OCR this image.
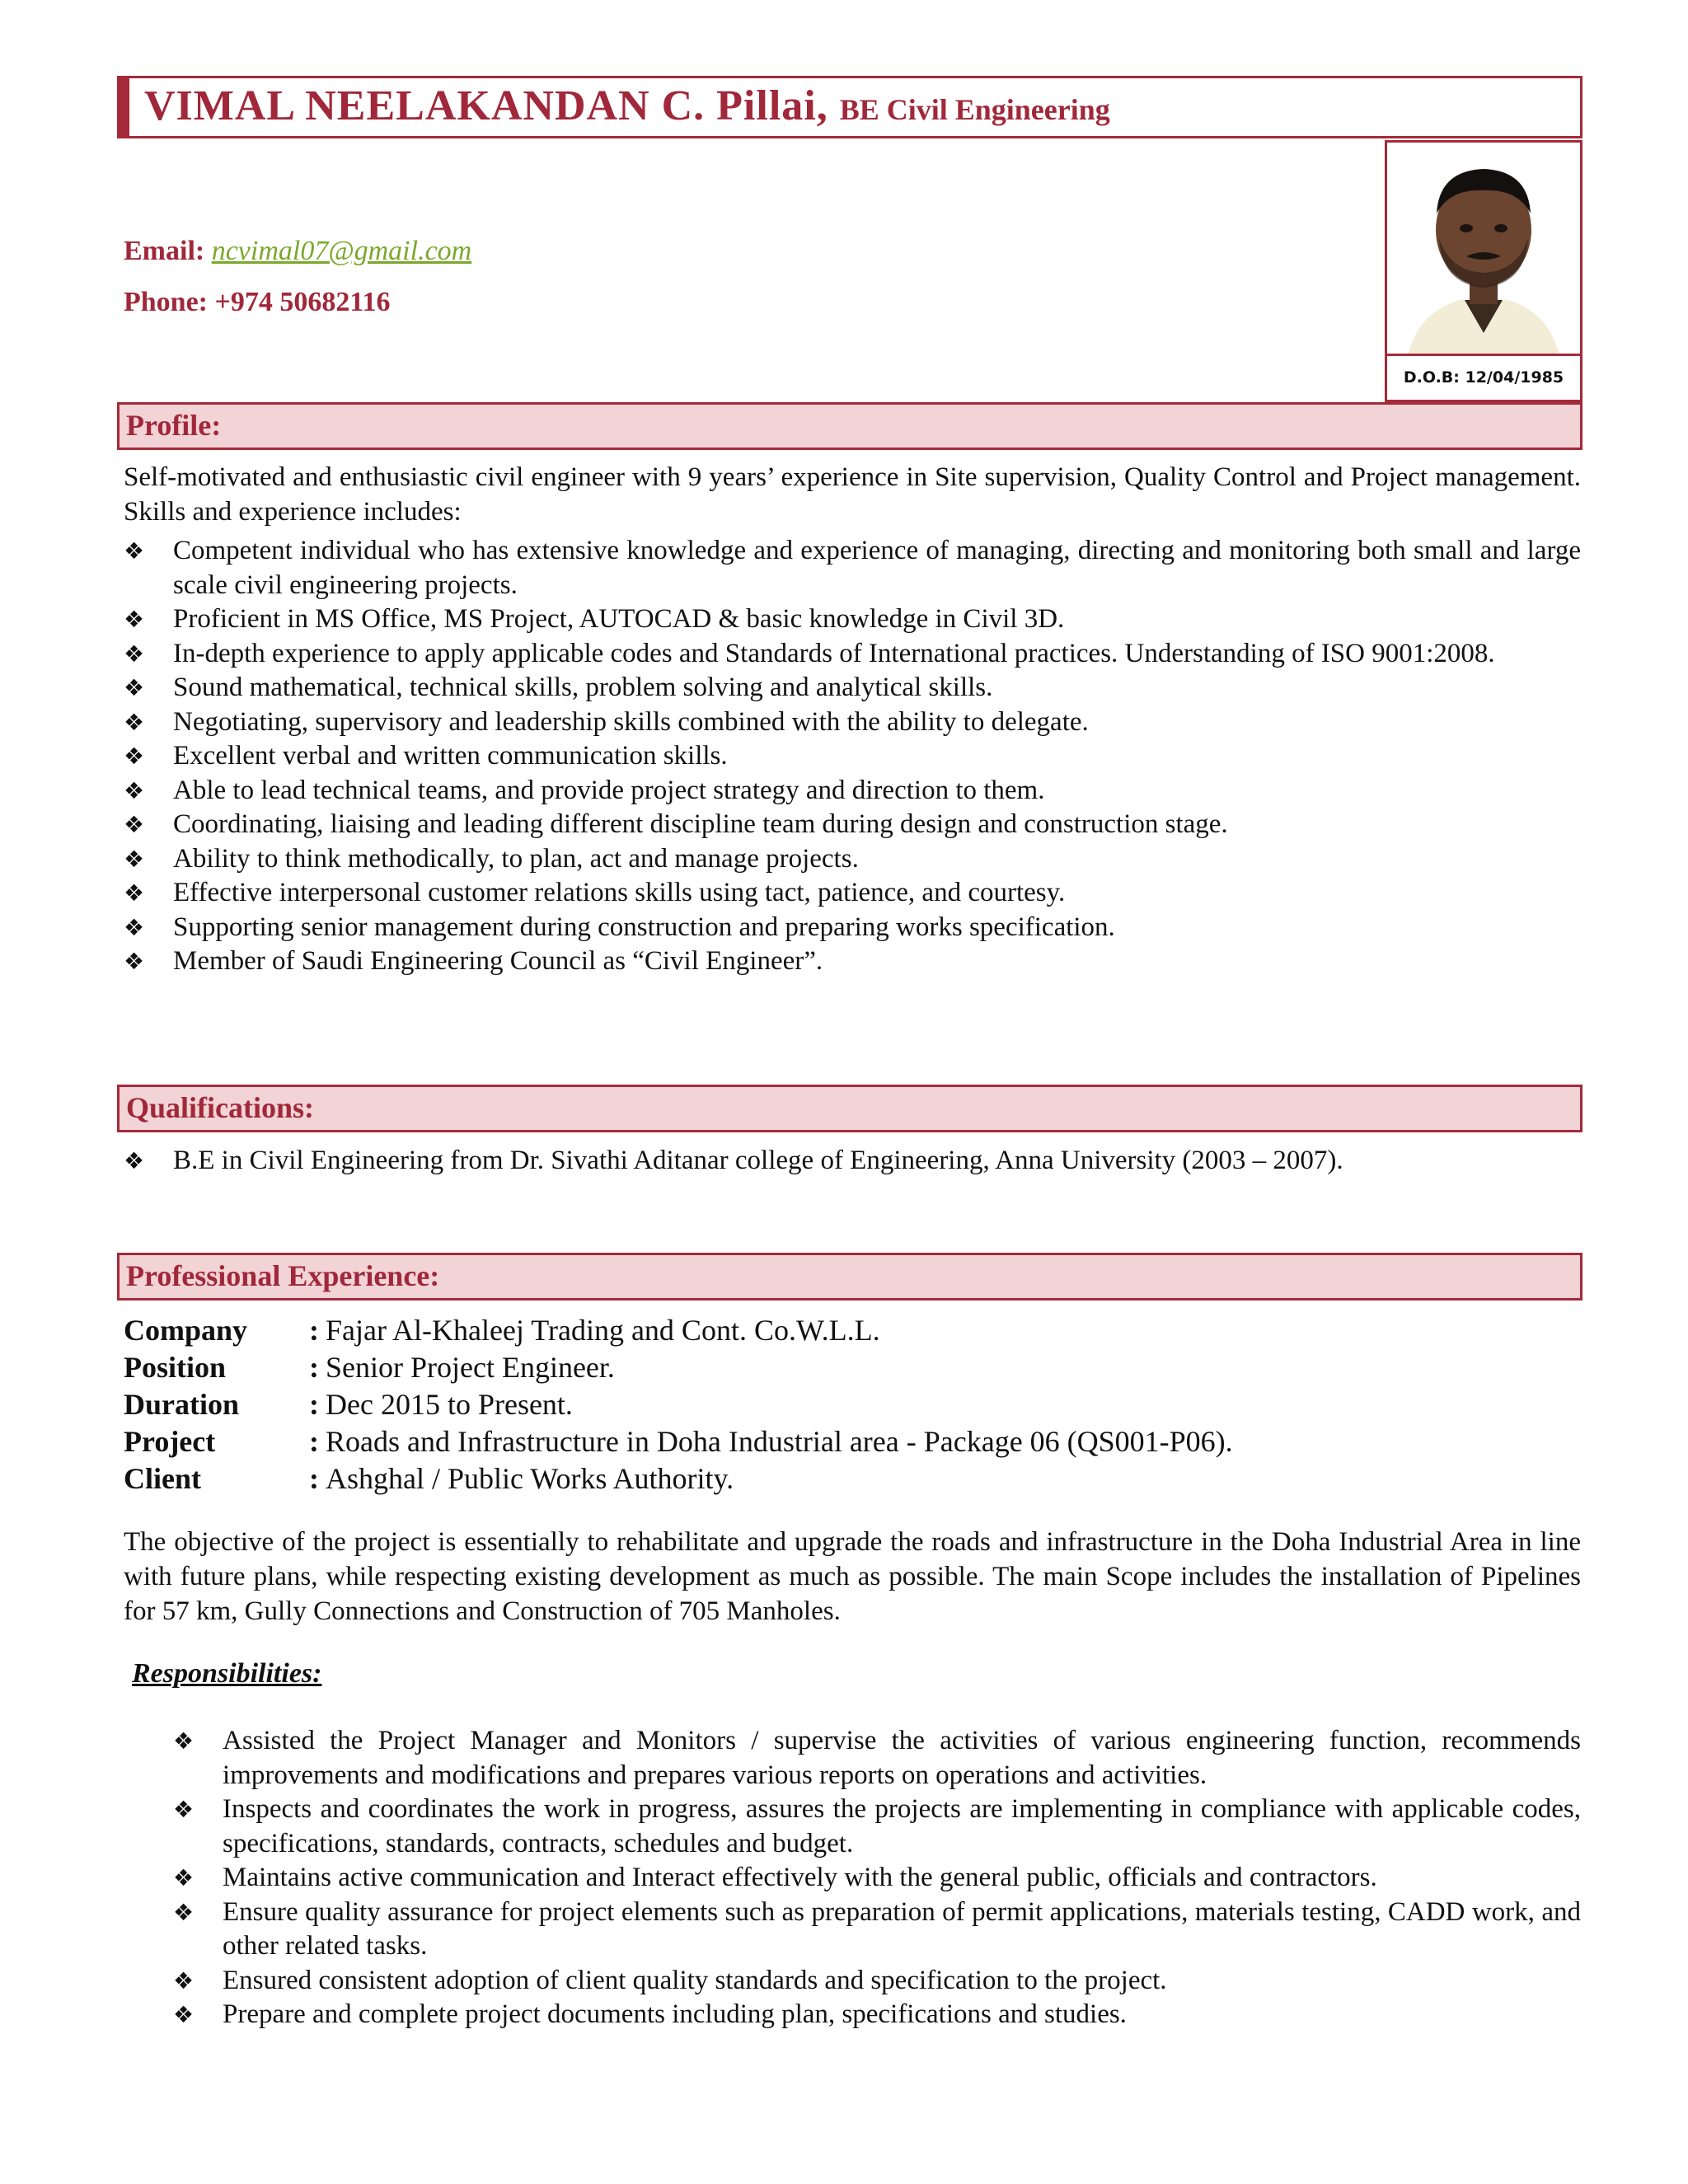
VIMAL NEELAKANDAN C. Pillai, BE Civil Engineering
Email: ncvimal07@gmail.com
Phone: +974 50682116
D.O.B: 12/04/1985
Profile:
Self-motivated and enthusiastic civil engineer with 9 years’ experience in Site supervision, Quality Control and Project management. Skills and experience includes:
❖ Competent individual who has extensive knowledge and experience of managing, directing and monitoring both small and large scale civil engineering projects.
❖ Proficient in MS Office, MS Project, AUTOCAD & basic knowledge in Civil 3D.
❖ In-depth experience to apply applicable codes and Standards of International practices. Understanding of ISO 9001:2008.
❖ Sound mathematical, technical skills, problem solving and analytical skills.
❖ Negotiating, supervisory and leadership skills combined with the ability to delegate.
❖ Excellent verbal and written communication skills.
❖ Able to lead technical teams, and provide project strategy and direction to them.
❖ Coordinating, liaising and leading different discipline team during design and construction stage.
❖ Ability to think methodically, to plan, act and manage projects.
❖ Effective interpersonal customer relations skills using tact, patience, and courtesy.
❖ Supporting senior management during construction and preparing works specification.
❖ Member of Saudi Engineering Council as “Civil Engineer”.
Qualifications:
❖ B.E in Civil Engineering from Dr. Sivathi Aditanar college of Engineering, Anna University (2003 – 2007).
Professional Experience:
Company	: Fajar Al-Khaleej Trading and Cont. Co.W.L.L.
Position	: Senior Project Engineer.
Duration	: Dec 2015 to Present.
Project	: Roads and Infrastructure in Doha Industrial area - Package 06 (QS001-P06).
Client	: Ashghal / Public Works Authority.
The objective of the project is essentially to rehabilitate and upgrade the roads and infrastructure in the Doha Industrial Area in line with future plans, while respecting existing development as much as possible. The main Scope includes the installation of Pipelines for 57 km, Gully Connections and Construction of 705 Manholes.
Responsibilities:
❖ Assisted the Project Manager and Monitors / supervise the activities of various engineering function, recommends improvements and modifications and prepares various reports on operations and activities.
❖ Inspects and coordinates the work in progress, assures the projects are implementing in compliance with applicable codes, specifications, standards, contracts, schedules and budget.
❖ Maintains active communication and Interact effectively with the general public, officials and contractors.
❖ Ensure quality assurance for project elements such as preparation of permit applications, materials testing, CADD work, and other related tasks.
❖ Ensured consistent adoption of client quality standards and specification to the project.
❖ Prepare and complete project documents including plan, specifications and studies.
